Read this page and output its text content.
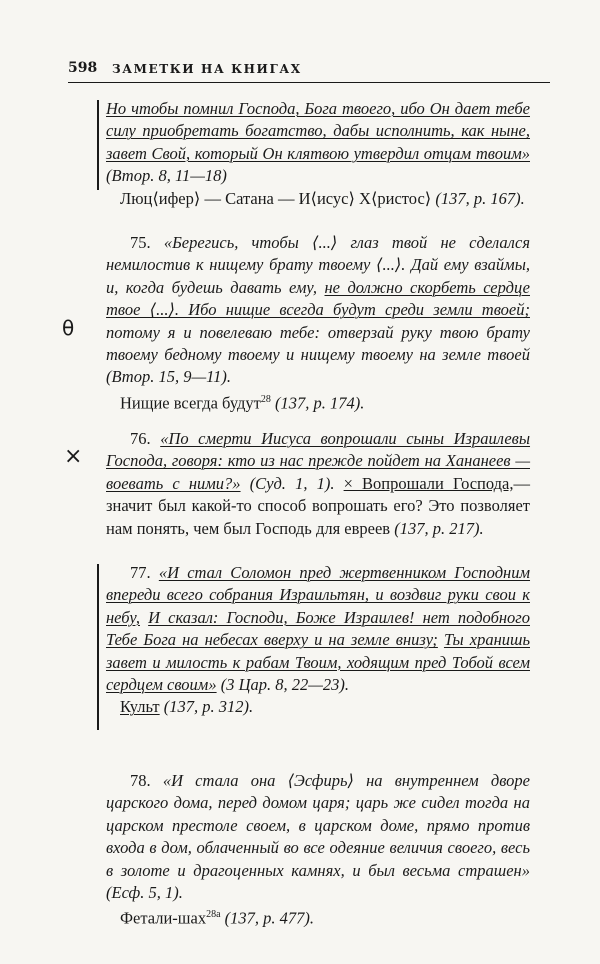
598 ЗАМЕТКИ НА КНИГАХ
θ
×
Но чтобы помнил Господа, Бога твоего, ибо Он дает тебе силу приобретать богатство, дабы исполнить, как ныне, завет Свой, который Он клятвою утвердил отцам твоим» (Втор. 8, 11—18)
Люц⟨ифер⟩ — Сатана — И⟨исус⟩ Х⟨ристос⟩ (137, p. 167).
75. «Берегись, чтобы ⟨...⟩ глаз твой не сделался немилостив к нищему брату твоему ⟨...⟩. Дай ему взаймы, и, когда будешь давать ему, не должно скорбеть сердце твое ⟨...⟩. Ибо нищие всегда будут среди земли твоей; потому я и повелеваю тебе: отверзай руку твою брату твоему бедному твоему и нищему твоему на земле твоей (Втор. 15, 9—11).
Нищие всегда будут$^{28}$ (137, p. 174).
76. «По смерти Иисуса вопрошали сыны Израилевы Господа, говоря: кто из нас прежде пойдет на Хананеев — воевать с ними?» (Суд. 1, 1). × Вопрошали Господа,— значит был какой-то способ вопрошать его? Это позволяет нам понять, чем был Господь для евреев (137, p. 217).
77. «И стал Соломон пред жертвенником Господним впереди всего собрания Израильтян, и воздвиг руки свои к небу, И сказал: Господи, Боже Израилев! нет подобного Тебе Бога на небесах вверху и на земле внизу; Ты хранишь завет и милость к рабам Твоим, ходящим пред Тобой всем сердцем своим» (3 Цар. 8, 22—23).
Культ (137, p. 312).
78. «И стала она ⟨Эсфирь⟩ на внутреннем дворе царского дома, перед домом царя; царь же сидел тогда на царском престоле своем, в царском доме, прямо против входа в дом, облаченный во все одеяние величия своего, весь в золоте и драгоценных камнях, и был весьма страшен» (Есф. 5, 1).
Фетали-шах$^{28a}$ (137, p. 477).
